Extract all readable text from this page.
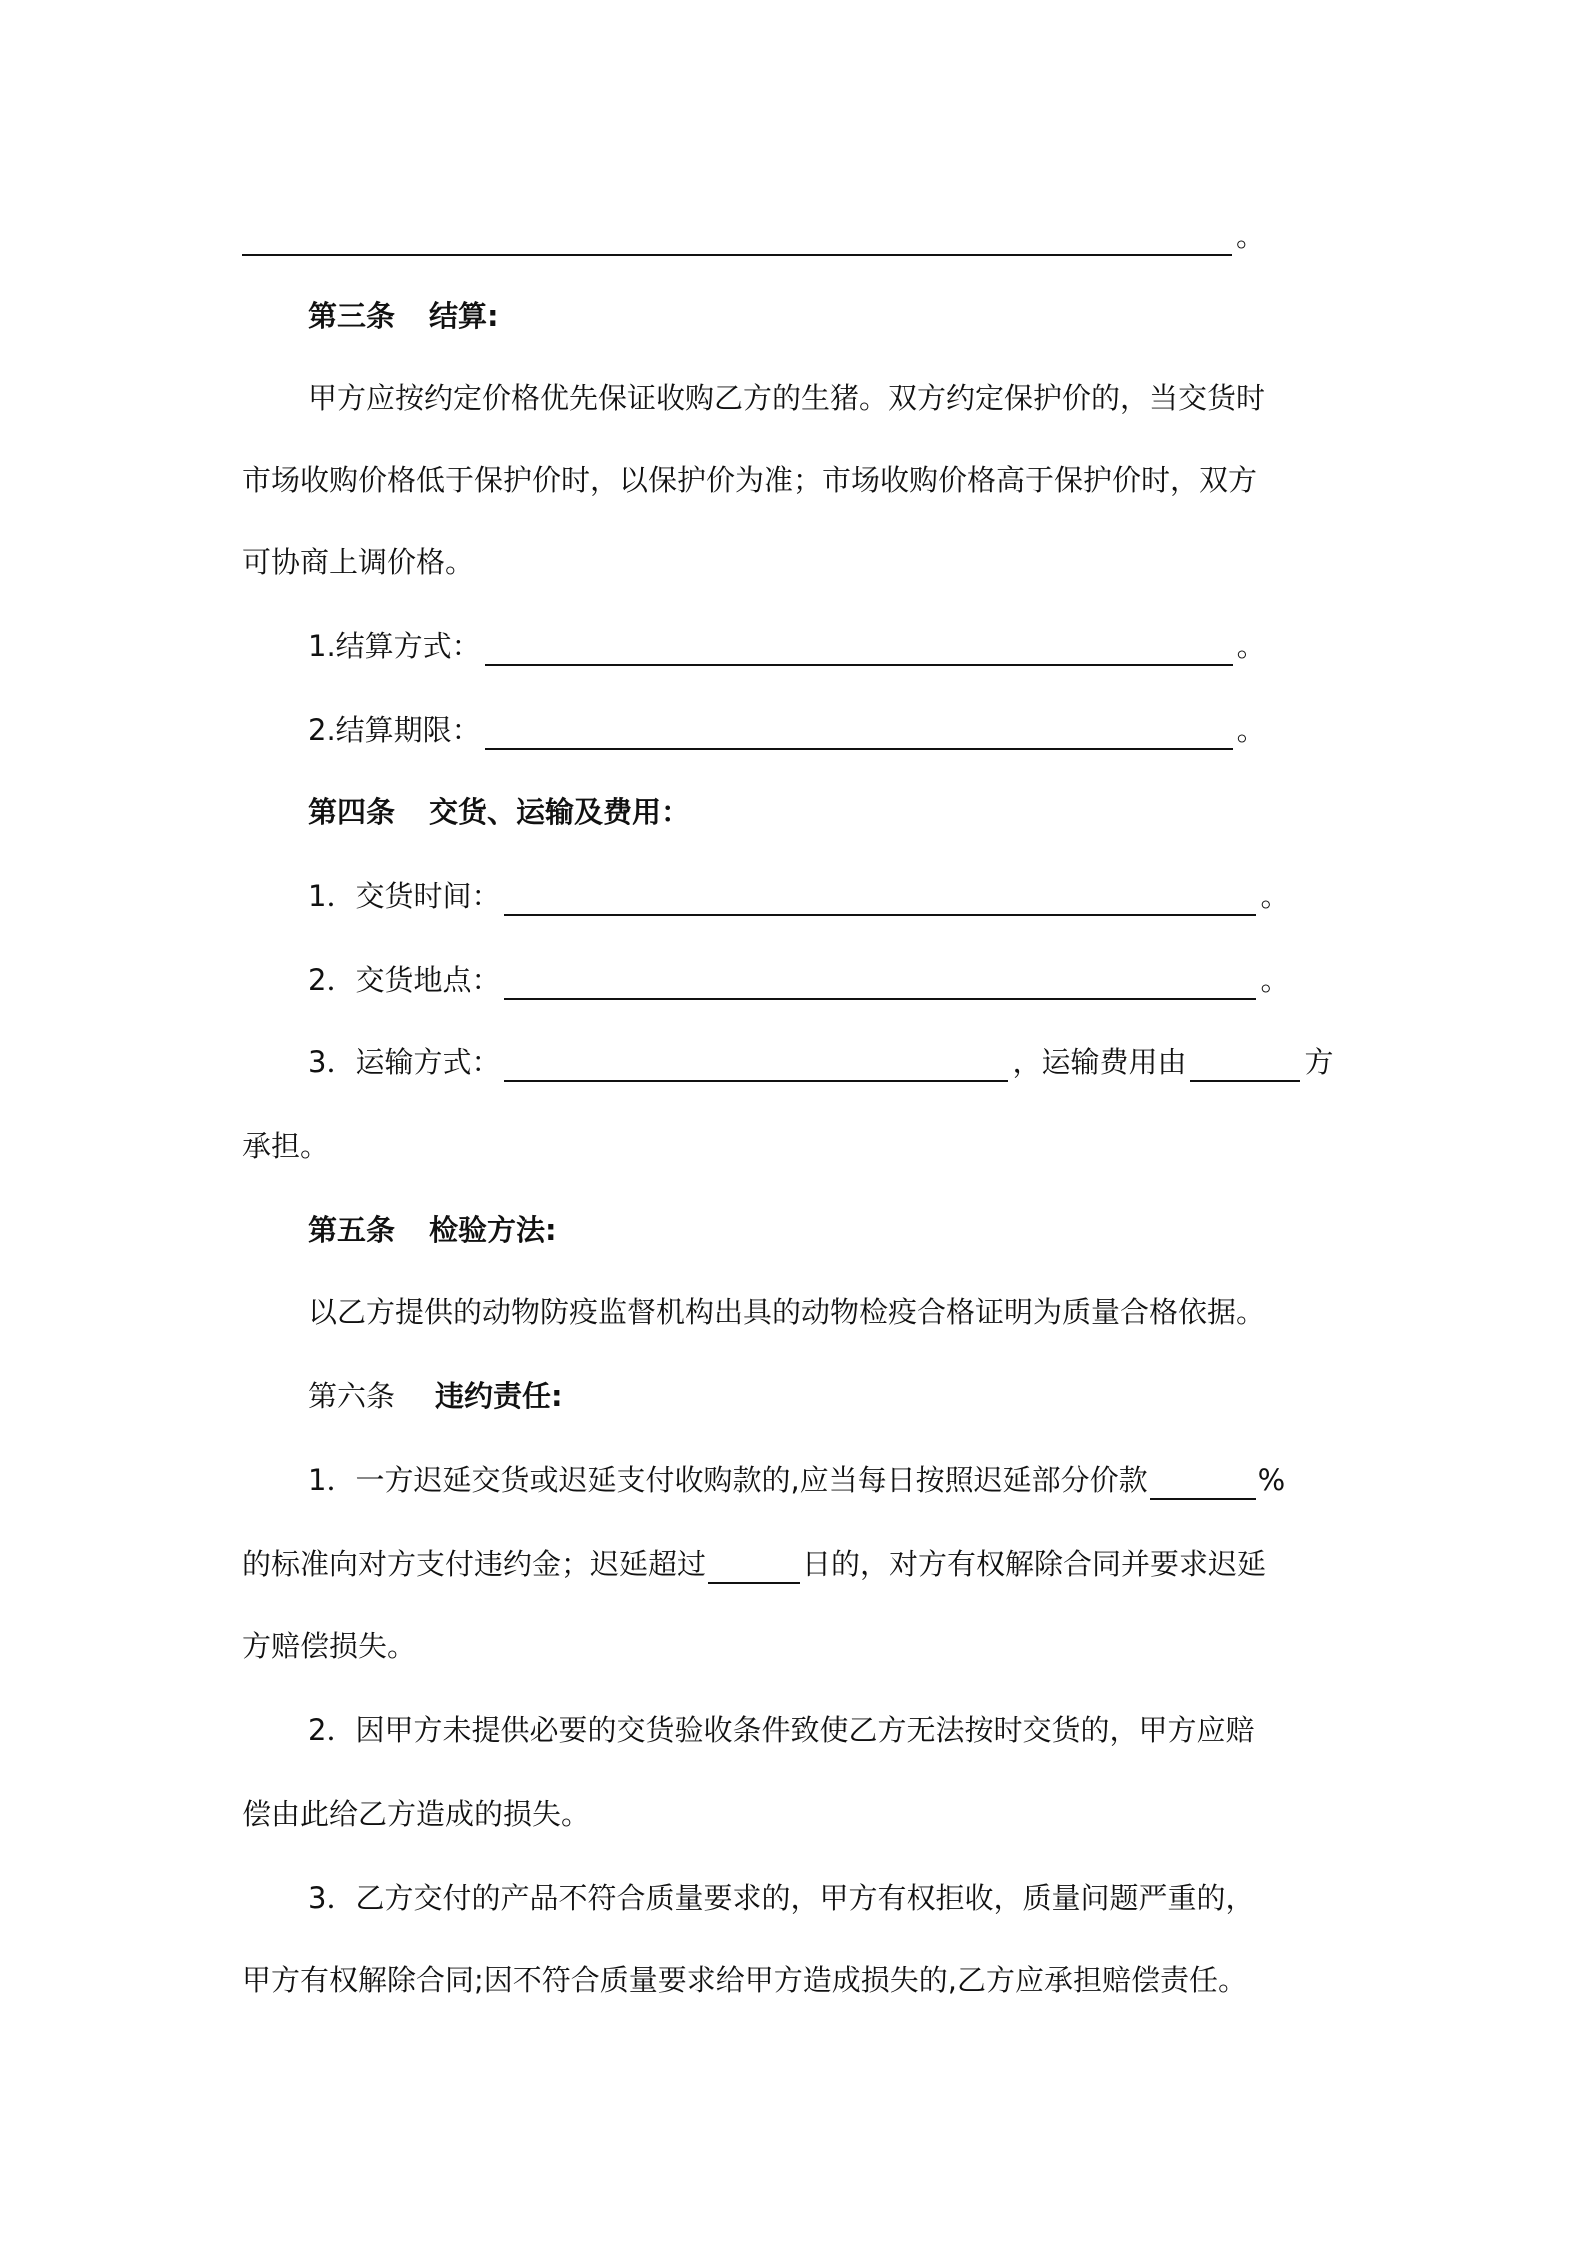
。
第三条 结算:
甲方应按约定价格优先保证收购乙方的生猪。双方约定保护价的，当交货时
市场收购价格低于保护价时，以保护价为准；市场收购价格高于保护价时，双方
可协商上调价格。
1.结算方式：	。
2.结算期限：	。
第四条 交货、运输及费用：
1．交货时间：	。
2．交货地点：	。
3．运输方式：	，运输费用由	方
承担。
第五条 检验方法:
以乙方提供的动物防疫监督机构出具的动物检疫合格证明为质量合格依据。
第六条 违约责任:
1．一方迟延交货或迟延支付收购款的,应当每日按照迟延部分价款	%
的标准向对方支付违约金；迟延超过	日的，对方有权解除合同并要求迟延
方赔偿损失。
2．因甲方未提供必要的交货验收条件致使乙方无法按时交货的，甲方应赔
偿由此给乙方造成的损失。
3．乙方交付的产品不符合质量要求的，甲方有权拒收，质量问题严重的，
甲方有权解除合同;因不符合质量要求给甲方造成损失的,乙方应承担赔偿责任。
